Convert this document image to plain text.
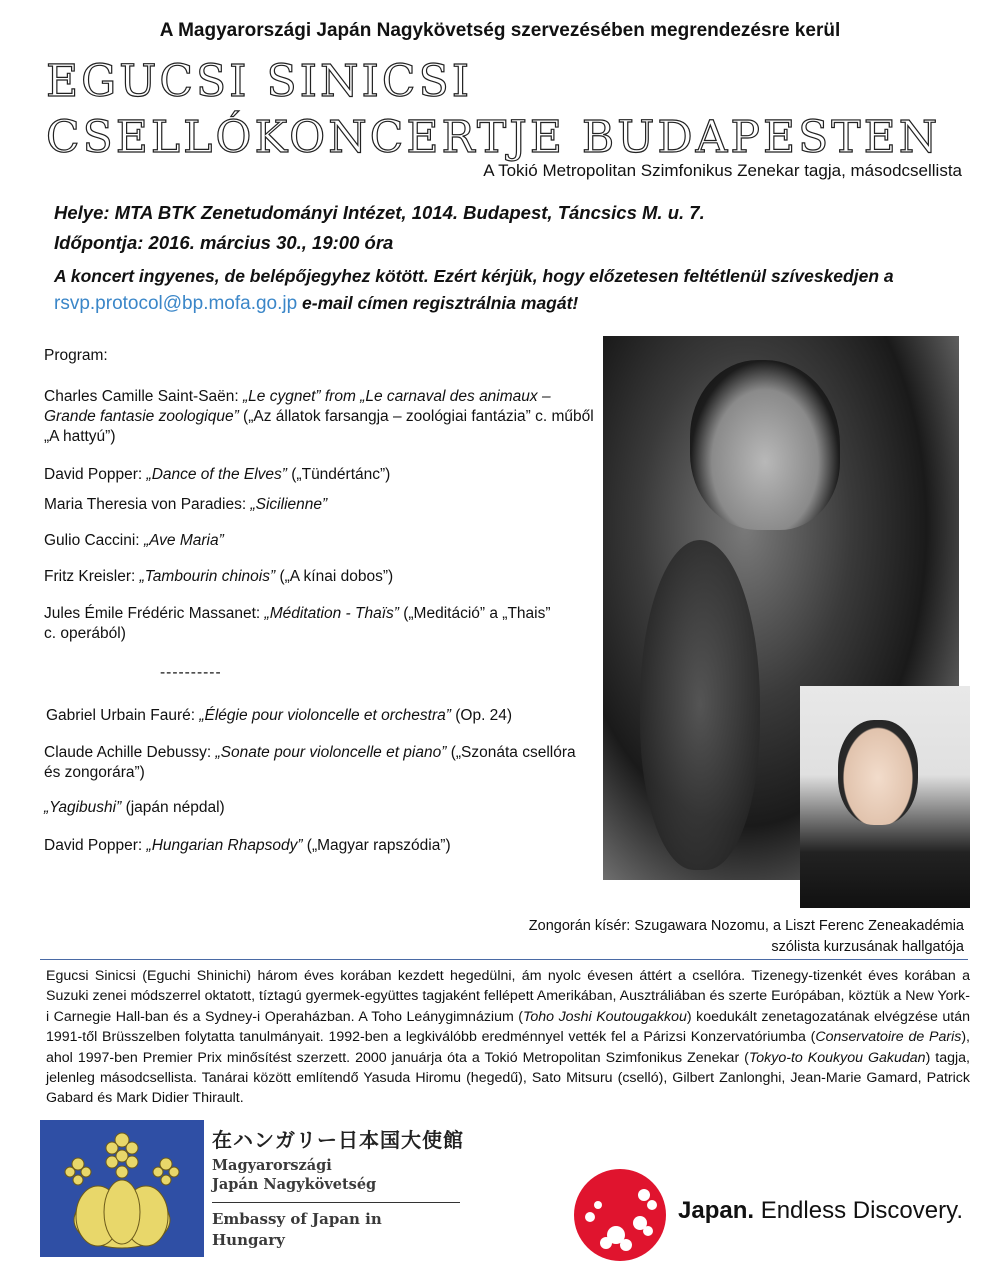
A Magyarországi Japán Nagykövetség szervezésében megrendezésre kerül
EGUCSI SINICSI
CSELLÓKONCERTJE BUDAPESTEN
A Tokió Metropolitan Szimfonikus Zenekar tagja, másodcsellista
Helye: MTA BTK Zenetudományi Intézet, 1014. Budapest, Táncsics M. u. 7.
Időpontja: 2016. március 30., 19:00 óra
A koncert ingyenes, de belépőjegyhez kötött. Ezért kérjük, hogy előzetesen feltétlenül szíveskedjen a
rsvp.protocol@bp.mofa.go.jp e-mail címen regisztrálnia magát!
Program:
Charles Camille Saint-Saën: „Le cygnet” from „Le carnaval des animaux – Grande fantasie zoologique” („Az állatok farsangja – zoológiai fantázia” c. műből „A hattyú”)
David Popper: „Dance of the Elves” („Tündértánc”)
Maria Theresia von Paradies: „Sicilienne”
Gulio Caccini: „Ave Maria”
Fritz Kreisler: „Tambourin chinois” („A kínai dobos”)
Jules Émile Frédéric Massanet: „Méditation - Thaïs” („Meditáció” a „Thais” c. operából)
----------
Gabriel Urbain Fauré: „Élégie pour violoncelle et orchestra” (Op. 24)
Claude Achille Debussy: „Sonate pour violoncelle et piano” („Szonáta csellóra és zongorára”)
„Yagibushi” (japán népdal)
David Popper: „Hungarian Rhapsody” („Magyar rapszódia”)
Zongorán kísér: Szugawara Nozomu, a Liszt Ferenc Zeneakadémia
szólista kurzusának hallgatója
Egucsi Sinicsi (Eguchi Shinichi) három éves korában kezdett hegedülni, ám nyolc évesen áttért a csellóra. Tizenegy-tizenkét éves korában a Suzuki zenei módszerrel oktatott, tíztagú gyermek-együttes tagjaként fellépett Amerikában, Ausztráliában és szerte Európában, köztük a New York-i Carnegie Hall-ban és a Sydney-i Operaházban. A Toho Leánygimnázium (Toho Joshi Koutougakkou) koedukált zenetagozatának elvégzése után 1991-től Brüsszelben folytatta tanulmányait. 1992-ben a legkiválóbb eredménnyel vették fel a Párizsi Konzervatóriumba (Conservatoire de Paris), ahol 1997-ben Premier Prix minősítést szerzett. 2000 januárja óta a Tokió Metropolitan Szimfonikus Zenekar (Tokyo-to Koukyou Gakudan) tagja, jelenleg másodcsellista. Tanárai között említendő Yasuda Hiromu (hegedű), Sato Mitsuru (cselló), Gilbert Zanlonghi, Jean-Marie Gamard, Patrick Gabard és Mark Didier Thirault.
在ハンガリー日本国大使館
Magyarországi
Japán Nagykövetség
Embassy of Japan in
Hungary
Japan. Endless Discovery.
